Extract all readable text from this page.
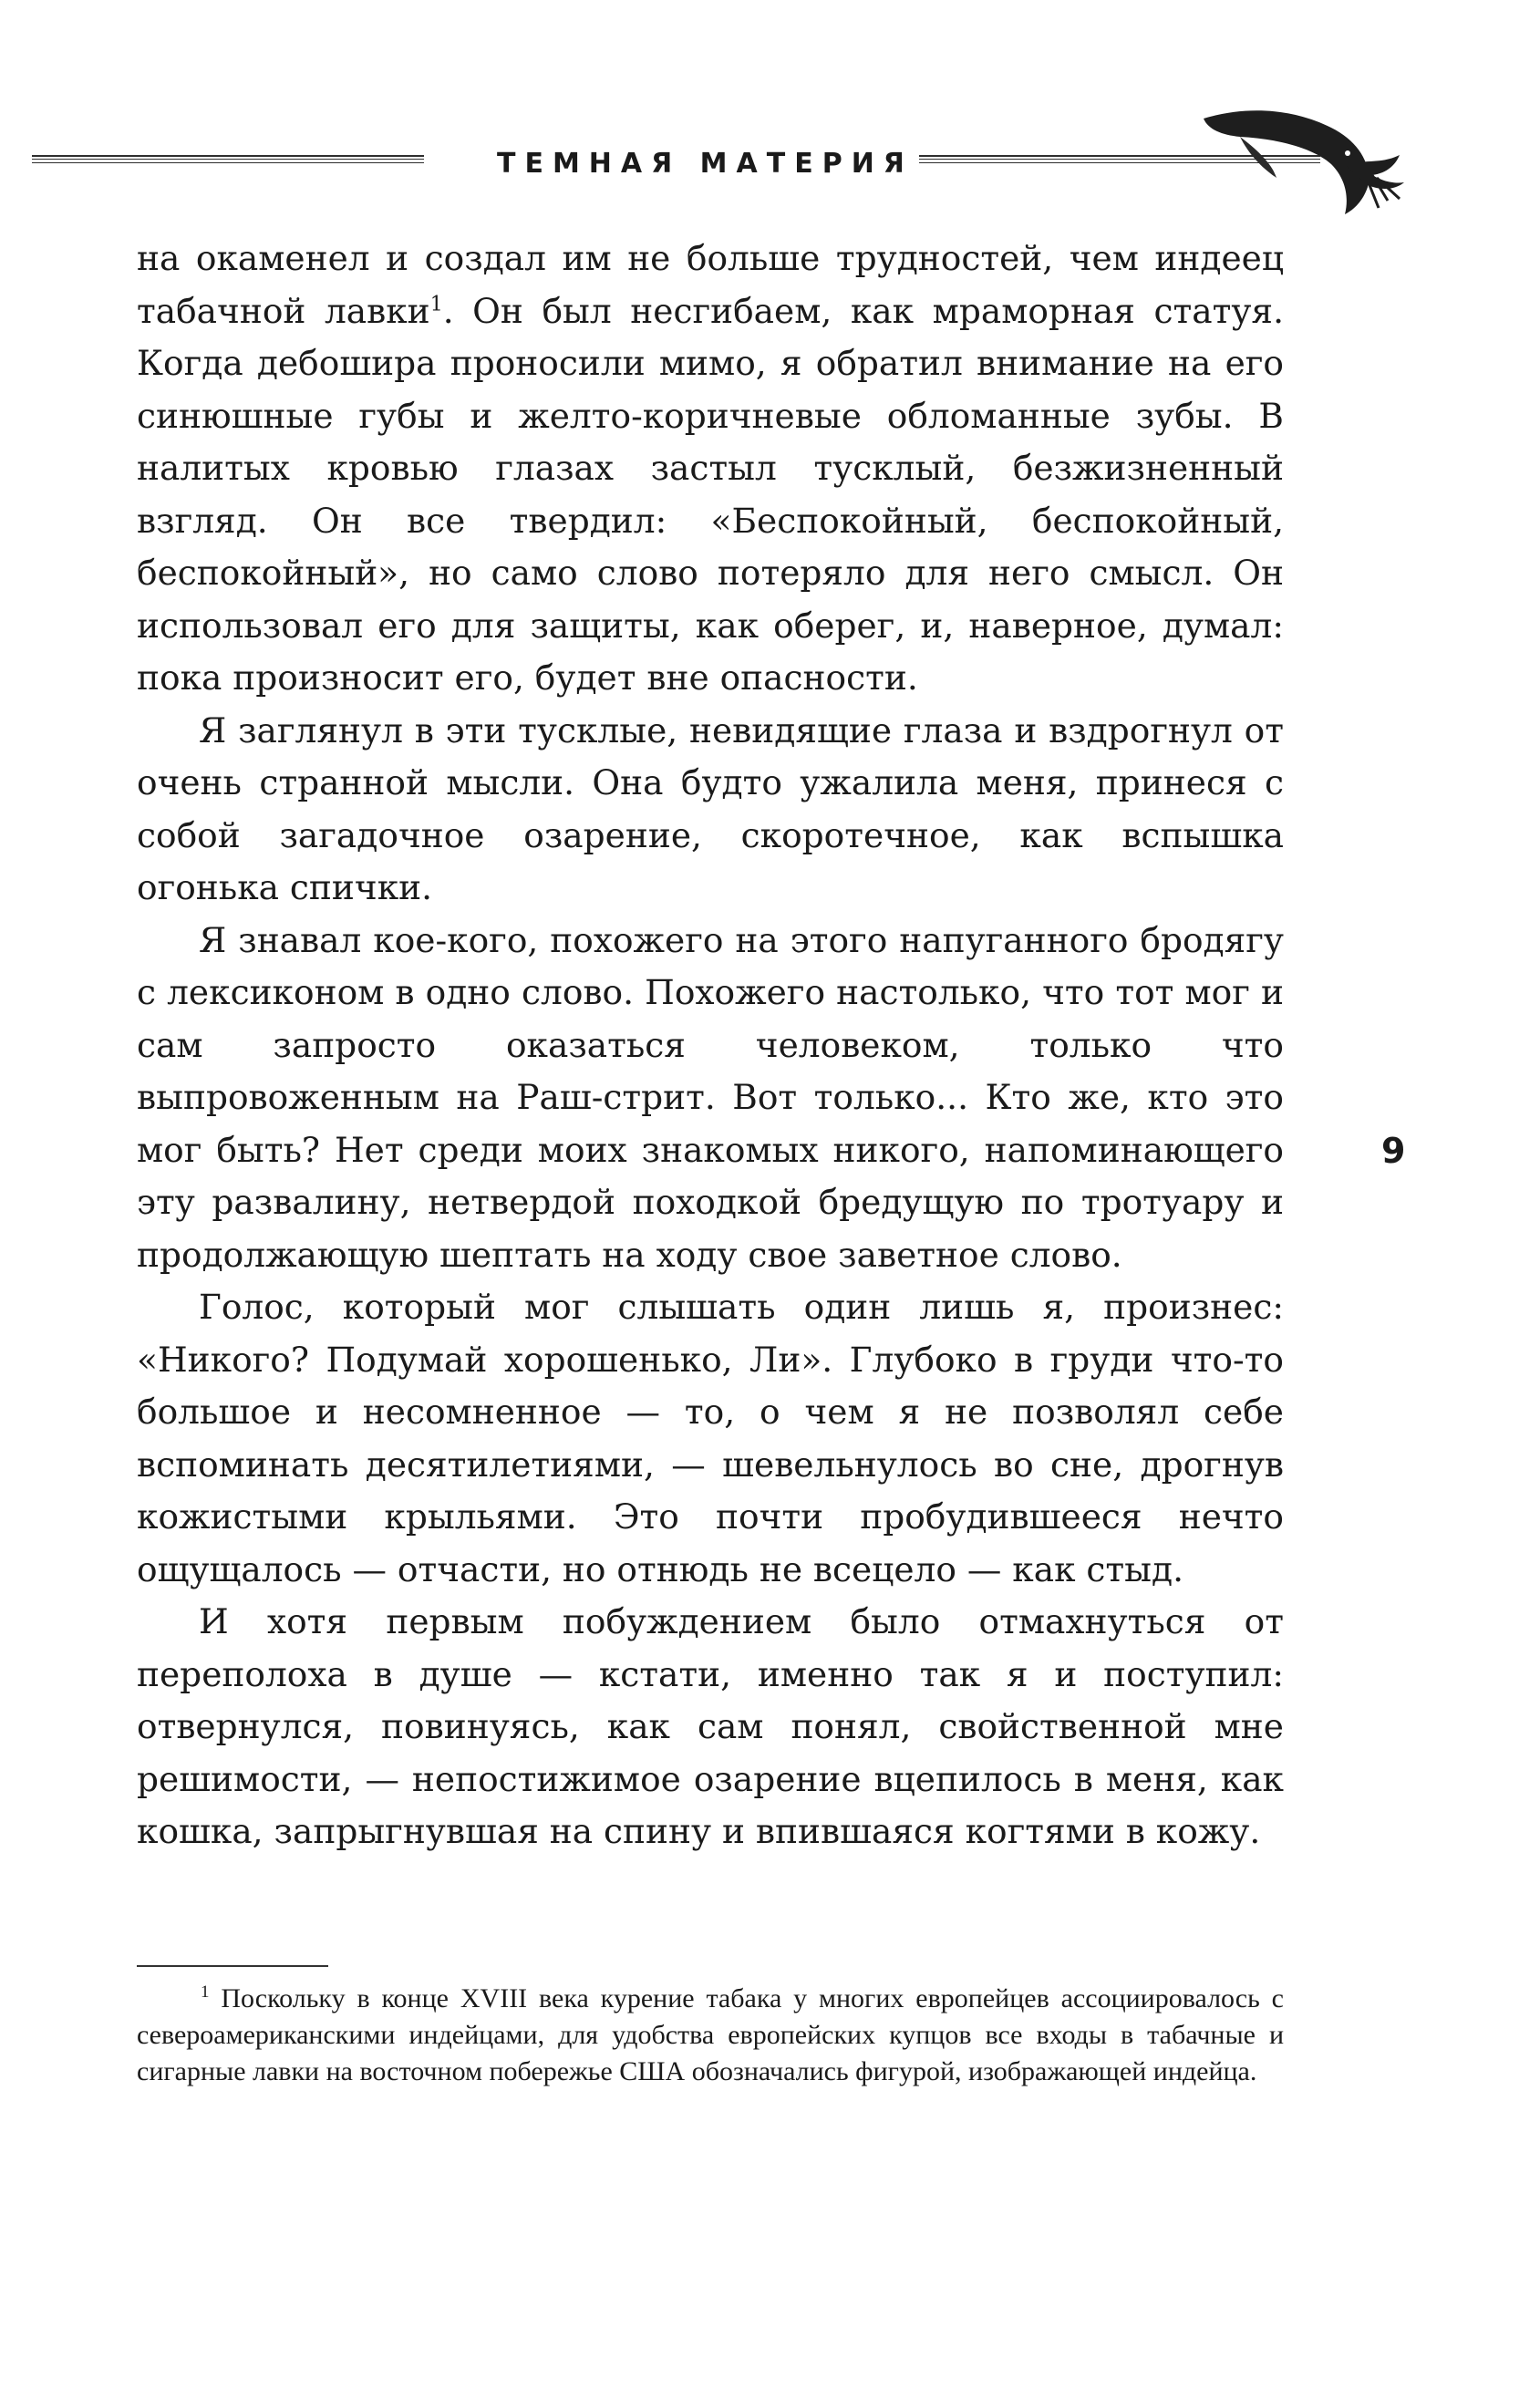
ТЕМНАЯ МАТЕРИЯ

на окаменел и создал им не больше трудностей, чем индеец табачной лавки$^1$. Он был несгибаем, как мраморная статуя. Когда дебошира проносили мимо, я обратил внимание на его синюшные губы и желто-коричневые обломанные зубы. В налитых кровью глазах застыл тусклый, безжизненный взгляд. Он все твердил: «Беспокойный, беспокойный, беспокойный», но само слово потеряло для него смысл. Он использовал его для защиты, как оберег, и, наверное, думал: пока произносит его, будет вне опасности.

Я заглянул в эти тусклые, невидящие глаза и вздрогнул от очень странной мысли. Она будто ужалила меня, принеся с собой загадочное озарение, скоротечное, как вспышка огонька спички.

Я знавал кое-кого, похожего на этого напуганного бродягу с лексиконом в одно слово. Похожего настолько, что тот мог и сам запросто оказаться человеком, только что выпровоженным на Раш-стрит. Вот только... Кто же, кто это мог быть? Нет среди моих знакомых никого, напоминающего эту развалину, нетвердой походкой бредущую по тротуару и продолжающую шептать на ходу свое заветное слово.

Голос, который мог слышать один лишь я, произнес: «Никого? Подумай хорошенько, Ли». Глубоко в груди что-то большое и несомненное — то, о чем я не позволял себе вспоминать десятилетиями, — шевельнулось во сне, дрогнув кожистыми крыльями. Это почти пробудившееся нечто ощущалось — отчасти, но отнюдь не всецело — как стыд.

И хотя первым побуждением было отмахнуться от переполоха в душе — кстати, именно так я и поступил: отвернулся, повинуясь, как сам понял, свойственной мне решимости, — непостижимое озарение вцепилось в меня, как кошка, запрыгнувшая на спину и впившаяся когтями в кожу.

9

$^1$ Поскольку в конце XVIII века курение табака у многих европейцев ассоциировалось с североамериканскими индейцами, для удобства европейских купцов все входы в табачные и сигарные лавки на восточном побережье США обозначались фигурой, изображающей индейца.
